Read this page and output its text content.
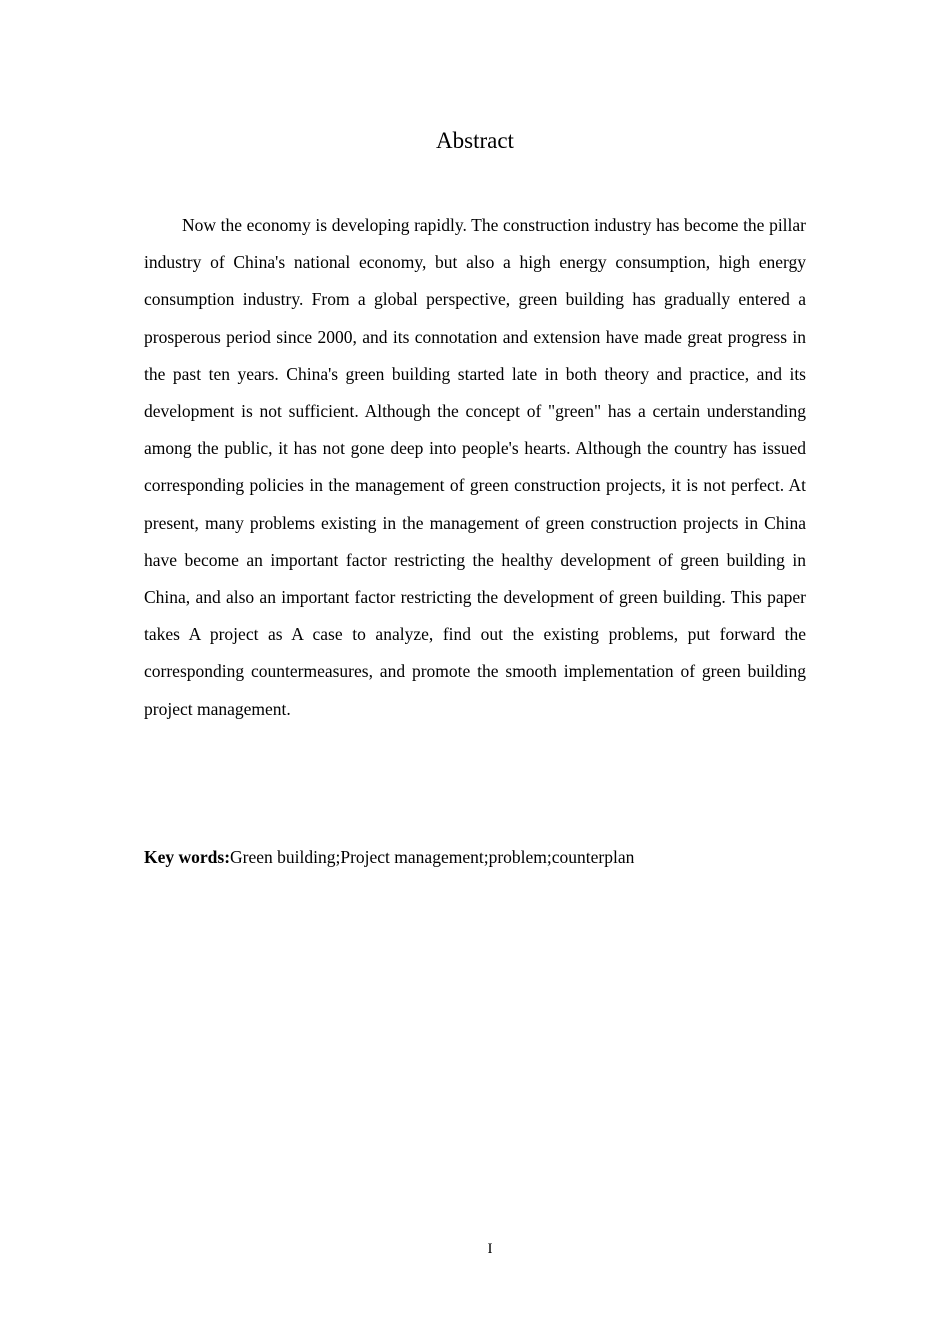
Abstract

Now the economy is developing rapidly. The construction industry has become the pillar industry of China's national economy, but also a high energy consumption, high energy consumption industry. From a global perspective, green building has gradually entered a prosperous period since 2000, and its connotation and extension have made great progress in the past ten years. China's green building started late in both theory and practice, and its development is not sufficient. Although the concept of "green" has a certain understanding among the public, it has not gone deep into people's hearts. Although the country has issued corresponding policies in the management of green construction projects, it is not perfect. At present, many problems existing in the management of green construction projects in China have become an important factor restricting the healthy development of green building in China, and also an important factor restricting the development of green building. This paper takes A project as A case to analyze, find out the existing problems, put forward the corresponding countermeasures, and promote the smooth implementation of green building project management.

Key words:Green building;Project management;problem;counterplan

I
